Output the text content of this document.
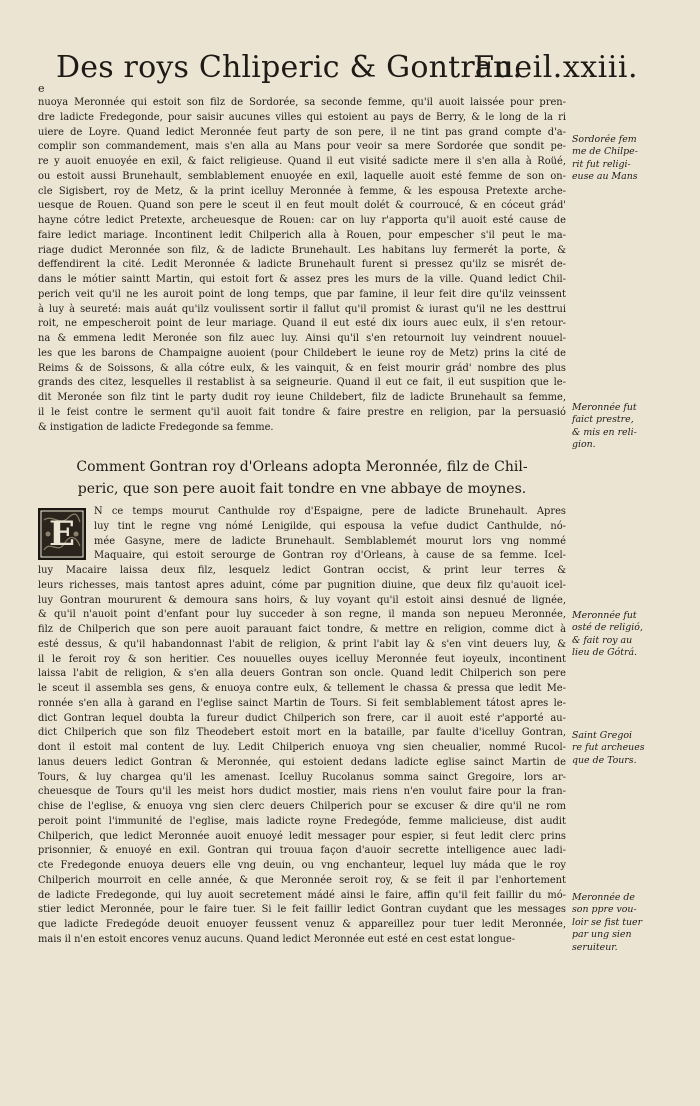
e
Des roys Chliperic & Gontran.
Fueil.xxiii.
nuoya Meronnée qui estoit son filz de Sordorée, sa seconde femme, qu'il auoit laissée pour pren-
dre ladicte Fredegonde, pour saisir aucunes villes qui estoient au pays de Berry, & le long de la ri
uiere de Loyre. Quand ledict Meronnée feut party de son pere, il ne tint pas grand compte d'a-
complir son commandement, mais s'en alla au Mans pour veoir sa mere Sordorée que sondit pe-
re y auoit enuoyée en exil, & faict religieuse. Quand il eut visité sadicte mere il s'en alla à Roüé,
ou estoit aussi Brunehault, semblablement enuoyée en exil, laquelle auoit esté femme de son on-
cle Sigisbert, roy de Metz, & la print icelluy Meronnée à femme, & les espousa Pretexte arche-
uesque de Rouen. Quand son pere le sceut il en feut moult dolét & courroucé, & en cóceut grád'
hayne cótre ledict Pretexte, archeuesque de Rouen: car on luy r'apporta qu'il auoit esté cause de
faire ledict mariage. Incontinent ledit Chilperich alla à Rouen, pour empescher s'il peut le ma-
riage dudict Meronnée son filz, & de ladicte Brunehault. Les habitans luy fermerét la porte, &
deffendirent la cité. Ledit Meronnée & ladicte Brunehault furent si pressez qu'ilz se misrét de-
dans le mótier saintt Martin, qui estoit fort & assez pres les murs de la ville. Quand ledict Chil-
perich veit qu'il ne les auroit point de long temps, que par famine, il leur feit dire qu'ilz veinssent
à luy à seureté: mais auát qu'ilz voulissent sortir il fallut qu'il promist & iurast qu'il ne les desttrui
roit, ne empescheroit point de leur mariage. Quand il eut esté dix iours auec eulx, il s'en retour-
na & emmena ledit Meronée son filz auec luy. Ainsi qu'il s'en retournoit luy veindrent nouuel-
les que les barons de Champaigne auoient (pour Childebert le ieune roy de Metz) prins la cité de
Reims & de Soissons, & alla cótre eulx, & les vainquit, & en feist mourir grád' nombre des plus
grands des citez, lesquelles il restablist à sa seigneurie. Quand il eut ce fait, il eut suspition que le-
dit Meronée son filz tint le party dudit roy ieune Childebert, filz de ladicte Brunehault sa femme,
il le feist contre le serment qu'il auoit fait tondre & faire prestre en religion, par la persuasió
& instigation de ladicte Fredegonde sa femme.
Comment Gontran roy d'Orleans adopta Meronnée, filz de Chil-
peric, que son pere auoit fait tondre en vne abbaye de moynes.
E
N ce temps mourut Canthulde roy d'Espaigne, pere de ladicte Brunehault. Apres
luy tint le regne vng nómé Lenigilde, qui espousa la vefue dudict Canthulde, nó-
mée Gasyne, mere de ladicte Brunehault. Semblablemét mourut lors vng nommé
Maquaire, qui estoit serourge de Gontran roy d'Orleans, à cause de sa femme. Icel-
luy Macaire laissa deux filz, lesquelz ledict Gontran occist, & print leur terres &
leurs richesses, mais tantost apres aduint, cóme par pugnition diuine, que deux filz qu'auoit icel-
luy Gontran moururent & demoura sans hoirs, & luy voyant qu'il estoit ainsi desnué de lignée,
& qu'il n'auoit point d'enfant pour luy succeder à son regne, il manda son nepueu Meronnée,
filz de Chilperich que son pere auoit parauant faict tondre, & mettre en religion, comme dict à
esté dessus, & qu'il habandonnast l'abit de religion, & print l'abit lay & s'en vint deuers luy, &
il le feroit roy & son heritier. Ces nouuelles ouyes icelluy Meronnée feut ioyeulx, incontinent
laissa l'abit de religion, & s'en alla deuers Gontran son oncle. Quand ledit Chilperich son pere
le sceut il assembla ses gens, & enuoya contre eulx, & tellement le chassa & pressa que ledit Me-
ronnée s'en alla à garand en l'eglise sainct Martin de Tours. Si feit semblablement tátost apres le-
dict Gontran lequel doubta la fureur dudict Chilperich son frere, car il auoit esté r'apporté au-
dict Chilperich que son filz Theodebert estoit mort en la bataille, par faulte d'icelluy Gontran,
dont il estoit mal content de luy. Ledit Chilperich enuoya vng sien cheualier, nommé Rucol-
lanus deuers ledict Gontran & Meronnée, qui estoient dedans ladicte eglise sainct Martin de
Tours, & luy chargea qu'il les amenast. Icelluy Rucolanus somma sainct Gregoire, lors ar-
cheuesque de Tours qu'il les meist hors dudict mostier, mais riens n'en voulut faire pour la fran-
chise de l'eglise, & enuoya vng sien clerc deuers Chilperich pour se excuser & dire qu'il ne rom
peroit point l'immunité de l'eglise, mais ladicte royne Fredegóde, femme malicieuse, dist audit
Chilperich, que ledict Meronnée auoit enuoyé ledit messager pour espier, si feut ledit clerc prins
prisonnier, & enuoyé en exil. Gontran qui trouua façon d'auoir secrette intelligence auec ladi-
cte Fredegonde enuoya deuers elle vng deuin, ou vng enchanteur, lequel luy máda que le roy
Chilperich mourroit en celle année, & que Meronnée seroit roy, & se feit il par l'enhortement
de ladicte Fredegonde, qui luy auoit secretement mádé ainsi le faire, affin qu'il feit faillir du mó-
stier ledict Meronnée, pour le faire tuer. Si le feit faillir ledict Gontran cuydant que les messages
que ladicte Fredegóde deuoit enuoyer feussent venuz & appareillez pour tuer ledit Meronnée,
mais il n'en estoit encores venuz aucuns. Quand ledict Meronnée eut esté en cest estat longue-
Sordorée fem
me de Chilpe-
rit fut religi-
euse au Mans
Meronnée fut
faict prestre,
& mis en reli-
gion.
Meronnée fut
osté de religió,
& fait roy au
lieu de Gótrá.
Saint Gregoi
re fut archeues
que de Tours.
Meronnée de
son ppre vou-
loir se fist tuer
par ung sien
seruiteur.
